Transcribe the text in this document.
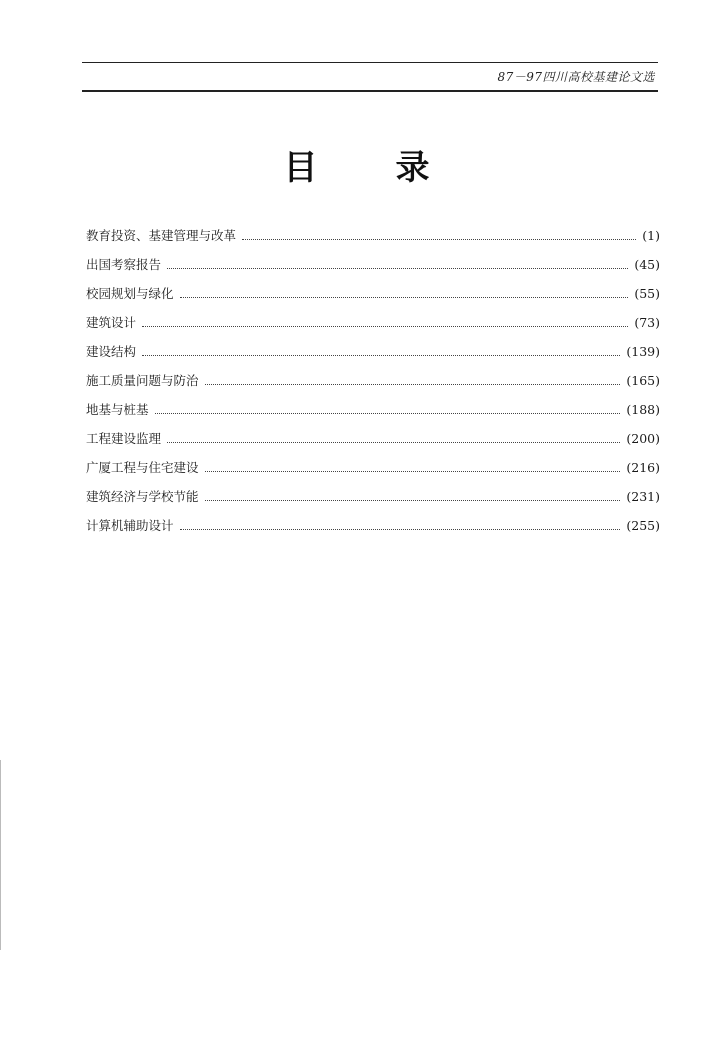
87－97四川高校基建论文选
目 录
教育投资、基建管理与改革	(1)
出国考察报告	(45)
校园规划与绿化	(55)
建筑设计	(73)
建设结构	(139)
施工质量问题与防治	(165)
地基与桩基	(188)
工程建设监理	(200)
广厦工程与住宅建设	(216)
建筑经济与学校节能	(231)
计算机辅助设计	(255)
